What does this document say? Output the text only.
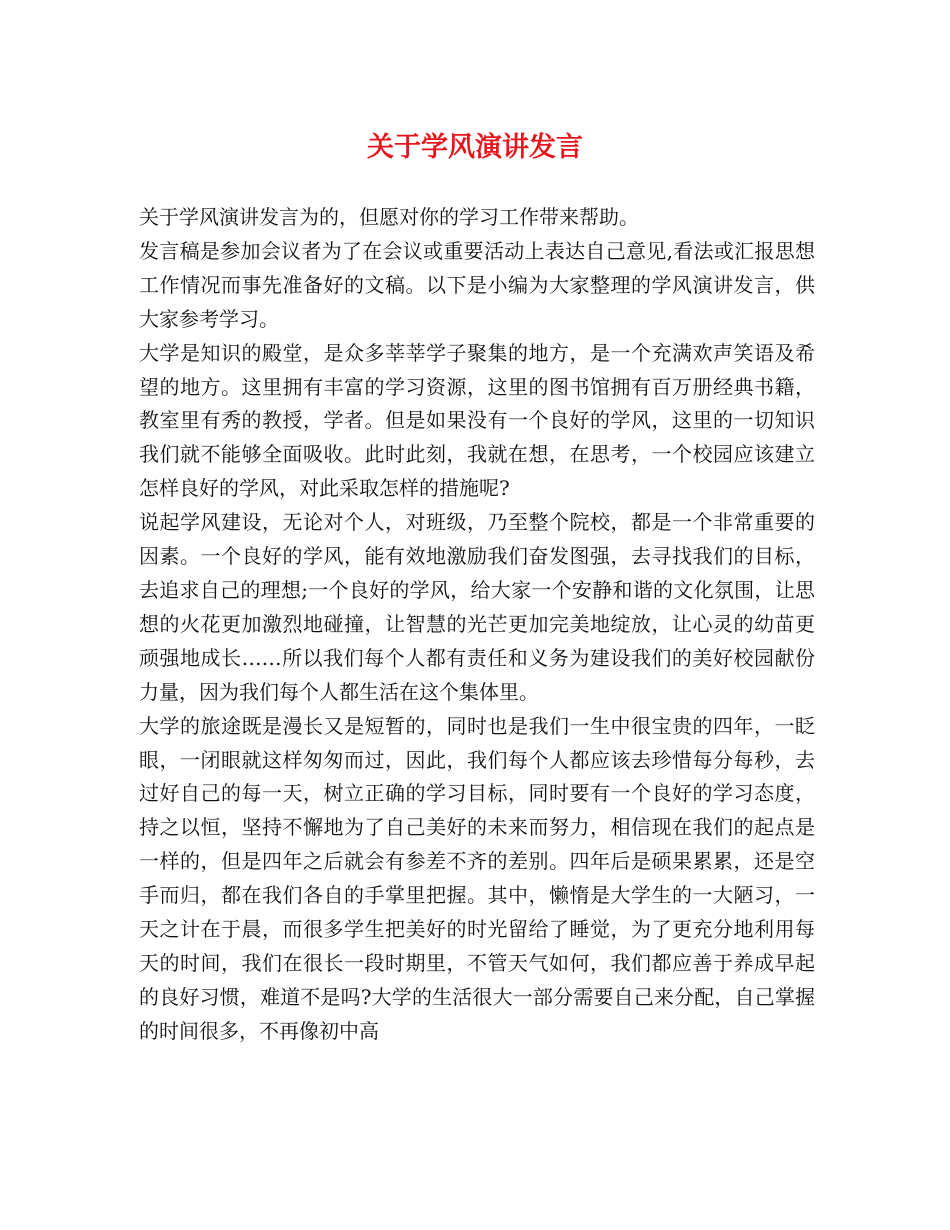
关于学风演讲发言

关于学风演讲发言为的，但愿对你的学习工作带来帮助。

发言稿是参加会议者为了在会议或重要活动上表达自己意见,看法或汇报思想工作情况而事先准备好的文稿。以下是小编为大家整理的学风演讲发言，供大家参考学习。

大学是知识的殿堂，是众多莘莘学子聚集的地方，是一个充满欢声笑语及希望的地方。这里拥有丰富的学习资源，这里的图书馆拥有百万册经典书籍，教室里有秀的教授，学者。但是如果没有一个良好的学风，这里的一切知识我们就不能够全面吸收。此时此刻，我就在想，在思考，一个校园应该建立怎样良好的学风，对此采取怎样的措施呢?

说起学风建设，无论对个人，对班级，乃至整个院校，都是一个非常重要的因素。一个良好的学风，能有效地激励我们奋发图强，去寻找我们的目标，去追求自己的理想;一个良好的学风，给大家一个安静和谐的文化氛围，让思想的火花更加激烈地碰撞，让智慧的光芒更加完美地绽放，让心灵的幼苗更顽强地成长……所以我们每个人都有责任和义务为建设我们的美好校园献份力量，因为我们每个人都生活在这个集体里。

大学的旅途既是漫长又是短暂的，同时也是我们一生中很宝贵的四年，一眨眼，一闭眼就这样匆匆而过，因此，我们每个人都应该去珍惜每分每秒，去过好自己的每一天，树立正确的学习目标，同时要有一个良好的学习态度，持之以恒，坚持不懈地为了自己美好的未来而努力，相信现在我们的起点是一样的，但是四年之后就会有参差不齐的差别。四年后是硕果累累，还是空手而归，都在我们各自的手掌里把握。其中，懒惰是大学生的一大陋习，一天之计在于晨，而很多学生把美好的时光留给了睡觉，为了更充分地利用每天的时间，我们在很长一段时期里，不管天气如何，我们都应善于养成早起的良好习惯，难道不是吗?大学的生活很大一部分需要自己来分配，自己掌握的时间很多，不再像初中高
